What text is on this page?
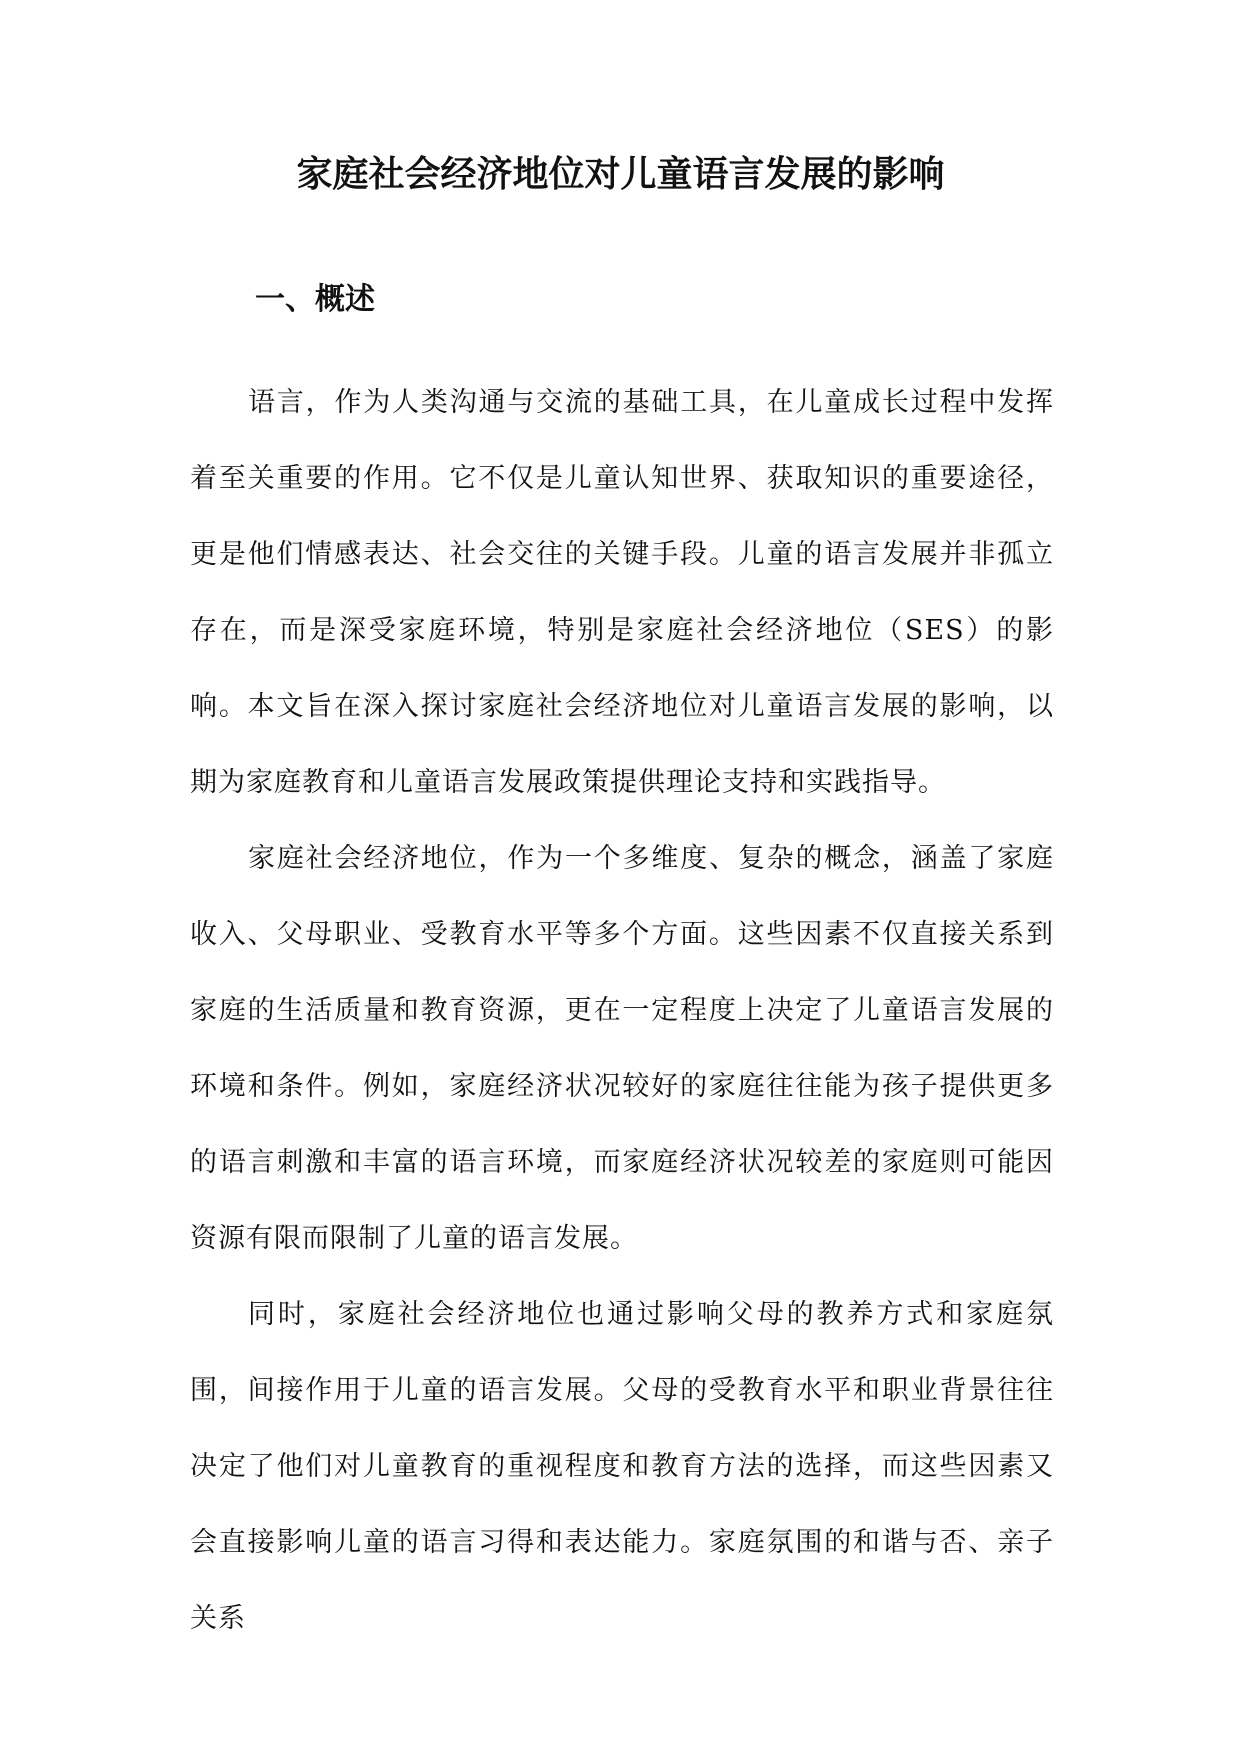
家庭社会经济地位对儿童语言发展的影响
一、概述

语言，作为人类沟通与交流的基础工具，在儿童成长过程中发挥着至关重要的作用。它不仅是儿童认知世界、获取知识的重要途径，更是他们情感表达、社会交往的关键手段。儿童的语言发展并非孤立存在，而是深受家庭环境，特别是家庭社会经济地位（SES）的影响。本文旨在深入探讨家庭社会经济地位对儿童语言发展的影响，以期为家庭教育和儿童语言发展政策提供理论支持和实践指导。

家庭社会经济地位，作为一个多维度、复杂的概念，涵盖了家庭收入、父母职业、受教育水平等多个方面。这些因素不仅直接关系到家庭的生活质量和教育资源，更在一定程度上决定了儿童语言发展的环境和条件。例如，家庭经济状况较好的家庭往往能为孩子提供更多的语言刺激和丰富的语言环境，而家庭经济状况较差的家庭则可能因资源有限而限制了儿童的语言发展。

同时，家庭社会经济地位也通过影响父母的教养方式和家庭氛围，间接作用于儿童的语言发展。父母的受教育水平和职业背景往往决定了他们对儿童教育的重视程度和教育方法的选择，而这些因素又会直接影响儿童的语言习得和表达能力。家庭氛围的和谐与否、亲子关系
